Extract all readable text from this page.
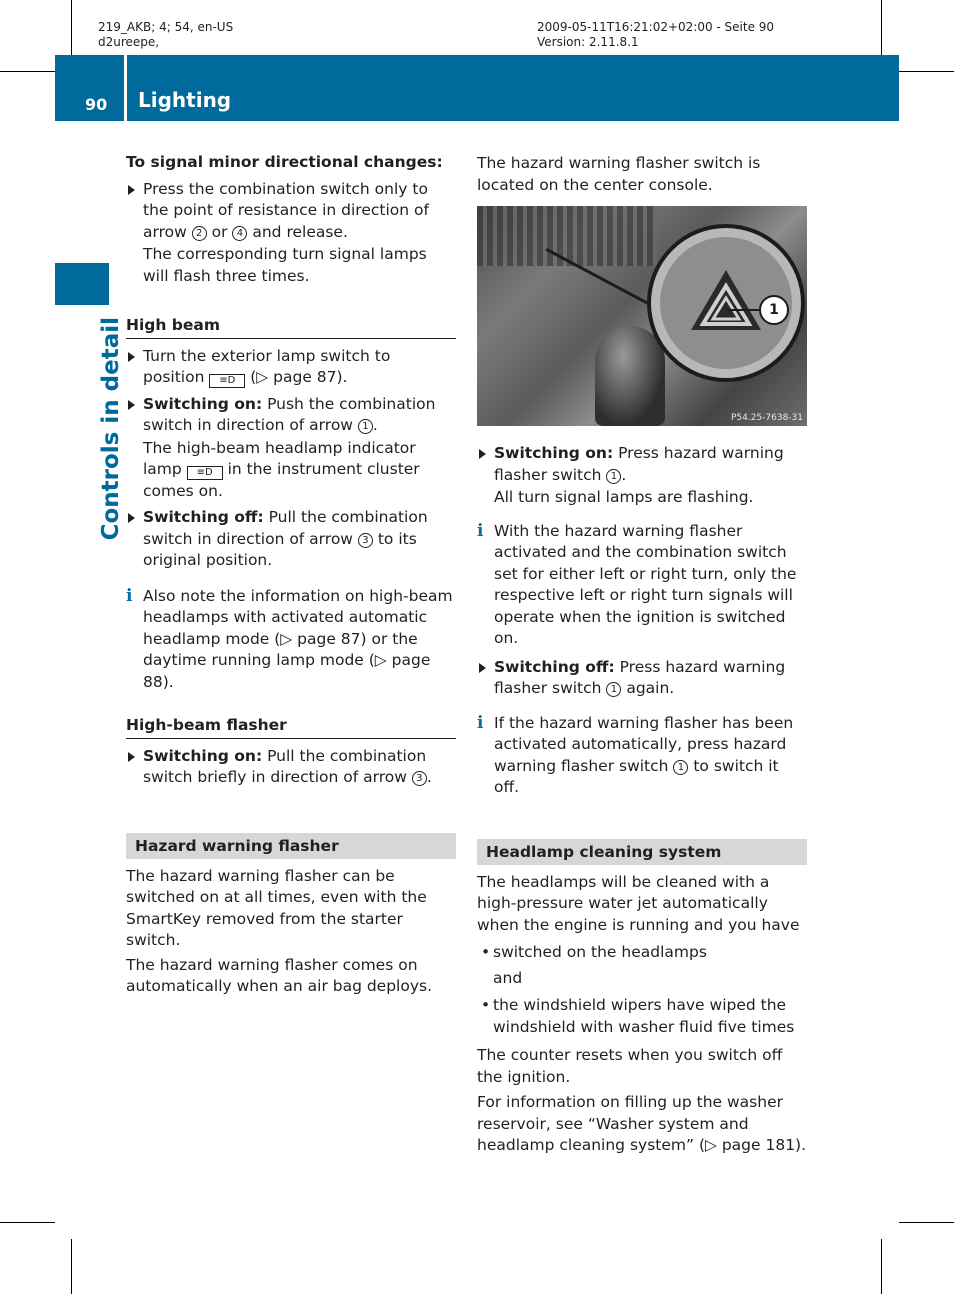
219_AKB; 4; 54, en-US
d2ureepe,
2009-05-11T16:21:02+02:00 - Seite 90
Version: 2.11.8.1
90 Lighting
Controls in detail

To signal minor directional changes:

Press the combination switch only to the point of resistance in direction of arrow 2 or 4 and release.

The corresponding turn signal lamps will flash three times.

High beam

Turn the exterior lamp switch to position ≡D (▷ page 87).
Switching on: Push the combination switch in direction of arrow 1 .

The high-beam headlamp indicator lamp ≡D in the instrument cluster comes on.

Switching off: Pull the combination switch in direction of arrow 3 to its original position.
i Also note the information on high-beam headlamps with activated automatic headlamp mode (▷ page 87) or the daytime running lamp mode (▷ page 88).

High-beam flasher

Switching on: Pull the combination switch briefly in direction of arrow 3 .

Hazard warning flasher

The hazard warning flasher can be switched on at all times, even with the SmartKey removed from the starter switch.

The hazard warning flasher comes on automatically when an air bag deploys.

The hazard warning flasher switch is located on the center console.

1
P54.25-7638-31
Switching on: Press hazard warning flasher switch 1 .

All turn signal lamps are flashing.

i With the hazard warning flasher activated and the combination switch set for either left or right turn, only the respective left or right turn signals will operate when the ignition is switched on.
Switching off: Press hazard warning flasher switch 1 again.
i If the hazard warning flasher has been activated automatically, press hazard warning flasher switch 1 to switch it off.

Headlamp cleaning system

The headlamps will be cleaned with a high-pressure water jet automatically when the engine is running and you have

• switched on the headlamps

and

• the windshield wipers have wiped the windshield with washer fluid five times

The counter resets when you switch off the ignition.

For information on filling up the washer reservoir, see “Washer system and headlamp cleaning system” (▷ page 181).
